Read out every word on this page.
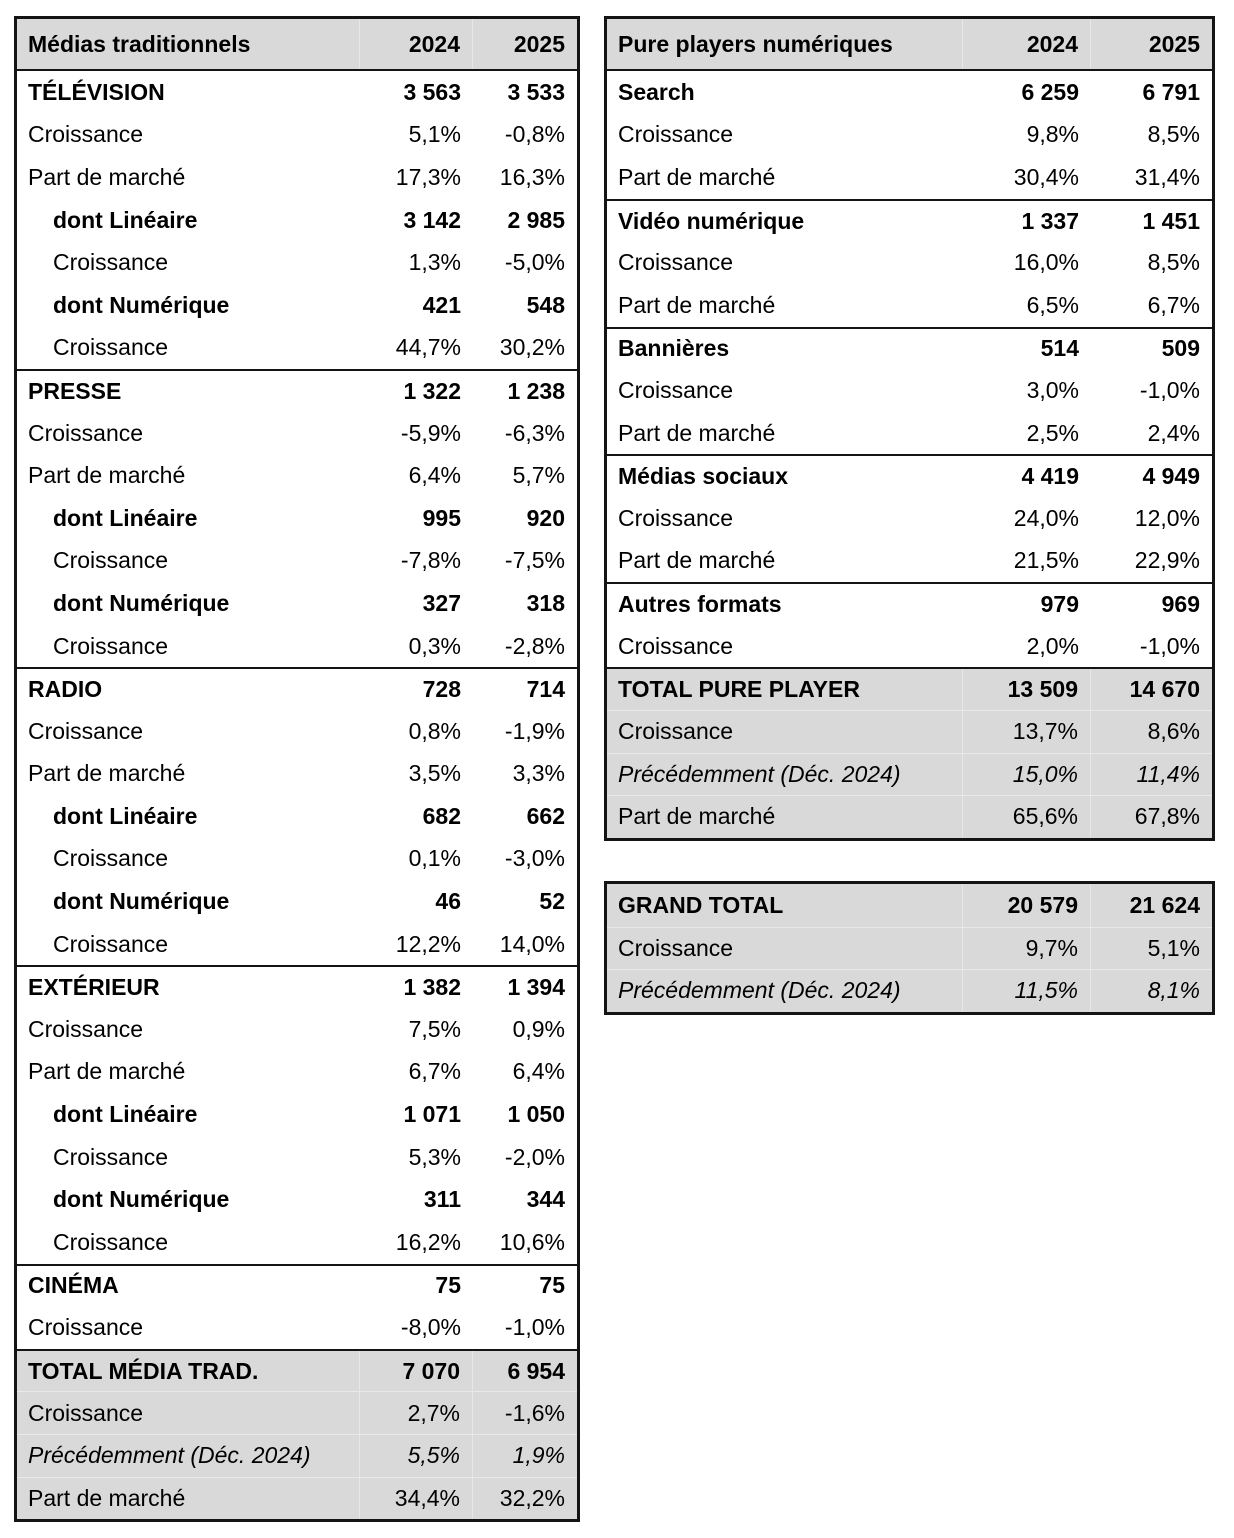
Médias traditionnels	2024	2025
TÉLÉVISION	3 563	3 533
Croissance	5,1%	-0,8%
Part de marché	17,3%	16,3%
dont Linéaire	3 142	2 985
Croissance	1,3%	-5,0%
dont Numérique	421	548
Croissance	44,7%	30,2%
PRESSE	1 322	1 238
Croissance	-5,9%	-6,3%
Part de marché	6,4%	5,7%
dont Linéaire	995	920
Croissance	-7,8%	-7,5%
dont Numérique	327	318
Croissance	0,3%	-2,8%
RADIO	728	714
Croissance	0,8%	-1,9%
Part de marché	3,5%	3,3%
dont Linéaire	682	662
Croissance	0,1%	-3,0%
dont Numérique	46	52
Croissance	12,2%	14,0%
EXTÉRIEUR	1 382	1 394
Croissance	7,5%	0,9%
Part de marché	6,7%	6,4%
dont Linéaire	1 071	1 050
Croissance	5,3%	-2,0%
dont Numérique	311	344
Croissance	16,2%	10,6%
CINÉMA	75	75
Croissance	-8,0%	-1,0%
TOTAL MÉDIA TRAD.	7 070	6 954
Croissance	2,7%	-1,6%
Précédemment (Déc. 2024)	5,5%	1,9%
Part de marché	34,4%	32,2%
Pure players numériques	2024	2025
Search	6 259	6 791
Croissance	9,8%	8,5%
Part de marché	30,4%	31,4%
Vidéo numérique	1 337	1 451
Croissance	16,0%	8,5%
Part de marché	6,5%	6,7%
Bannières	514	509
Croissance	3,0%	-1,0%
Part de marché	2,5%	2,4%
Médias sociaux	4 419	4 949
Croissance	24,0%	12,0%
Part de marché	21,5%	22,9%
Autres formats	979	969
Croissance	2,0%	-1,0%
TOTAL PURE PLAYER	13 509	14 670
Croissance	13,7%	8,6%
Précédemment (Déc. 2024)	15,0%	11,4%
Part de marché	65,6%	67,8%
GRAND TOTAL	20 579	21 624
Croissance	9,7%	5,1%
Précédemment (Déc. 2024)	11,5%	8,1%
